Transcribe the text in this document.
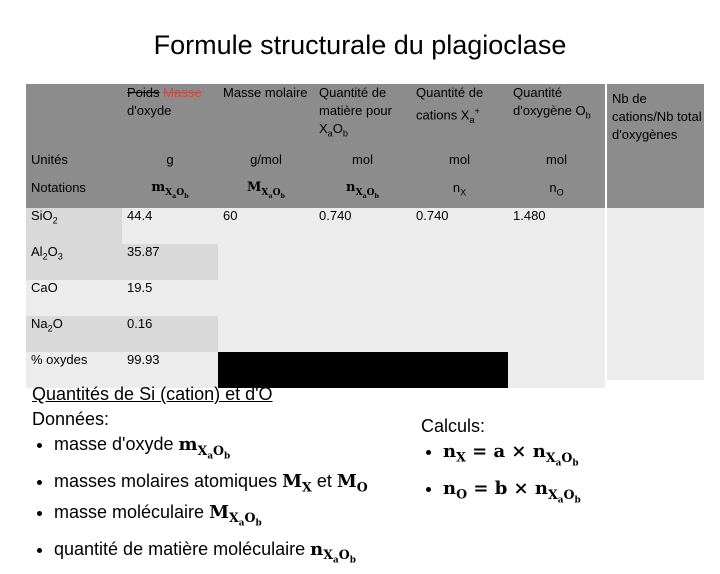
Formule structurale du plagioclase
	Poids Masse
d'oxyde	Masse molaire	Quantité de matière pour $X_aO_b$	Quantité de cations $X_a^+$	Quantité d'oxygène $O_b$
Unités	g	g/mol	mol	mol	mol
Notations	$m_{X_aO_b}$	$M_{X_aO_b}$	$n_{X_aO_b}$	$n_X$	$n_O$
SiO$_2$	44.4	60	0.740	0.740	1.480
$Al_2O_3$	35.87				
CaO	19.5				
$Na_2O$	0.16				
% oxydes	99.93				
Nb de cations/Nb total d'oxygènes
Quantités de Si (cation) et d'O
Données:
• masse d'oxyde $m_{X_aO_b}$
• masses molaires atomiques $M_X$ et $M_O$
• masse moléculaire $M_{X_aO_b}$
• quantité de matière moléculaire $n_{X_aO_b}$
Calculs:
• $n_X = a \times n_{X_aO_b}$
• $n_O = b \times n_{X_aO_b}$
